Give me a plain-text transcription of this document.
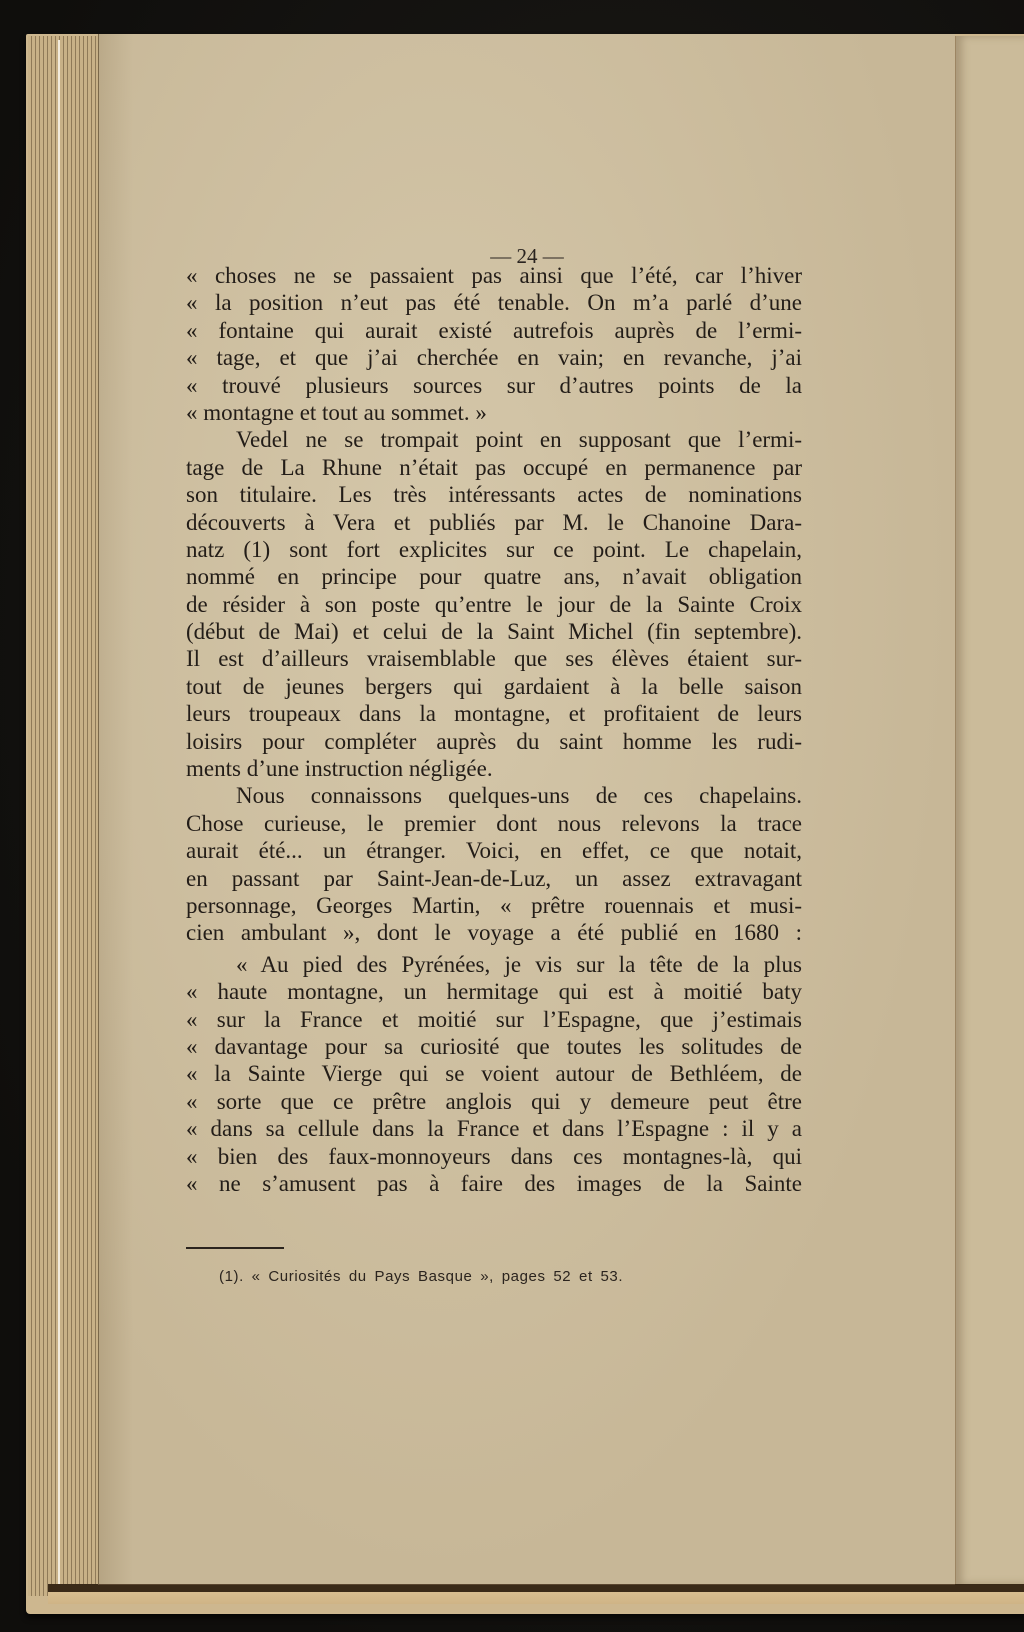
— 24 —
« choses ne se passaient pas ainsi que l’été, car l’hiver
« la position n’eut pas été tenable. On m’a parlé d’une
« fontaine qui aurait existé autrefois auprès de l’ermi-
« tage, et que j’ai cherchée en vain; en revanche, j’ai
« trouvé plusieurs sources sur d’autres points de la
« montagne et tout au sommet. »
Vedel ne se trompait point en supposant que l’ermi-
tage de La Rhune n’était pas occupé en permanence par
son titulaire. Les très intéressants actes de nominations
découverts à Vera et publiés par M. le Chanoine Dara-
natz (1) sont fort explicites sur ce point. Le chapelain,
nommé en principe pour quatre ans, n’avait obligation
de résider à son poste qu’entre le jour de la Sainte Croix
(début de Mai) et celui de la Saint Michel (fin septembre).
Il est d’ailleurs vraisemblable que ses élèves étaient sur-
tout de jeunes bergers qui gardaient à la belle saison
leurs troupeaux dans la montagne, et profitaient de leurs
loisirs pour compléter auprès du saint homme les rudi-
ments d’une instruction négligée.
Nous connaissons quelques-uns de ces chapelains.
Chose curieuse, le premier dont nous relevons la trace
aurait été... un étranger. Voici, en effet, ce que notait,
en passant par Saint-Jean-de-Luz, un assez extravagant
personnage, Georges Martin, « prêtre rouennais et musi-
cien ambulant », dont le voyage a été publié en 1680 :
« Au pied des Pyrénées, je vis sur la tête de la plus
« haute montagne, un hermitage qui est à moitié baty
« sur la France et moitié sur l’Espagne, que j’estimais
« davantage pour sa curiosité que toutes les solitudes de
« la Sainte Vierge qui se voient autour de Bethléem, de
« sorte que ce prêtre anglois qui y demeure peut être
« dans sa cellule dans la France et dans l’Espagne : il y a
« bien des faux-monnoyeurs dans ces montagnes-là, qui
« ne s’amusent pas à faire des images de la Sainte
(1). « Curiosités du Pays Basque », pages 52 et 53.
